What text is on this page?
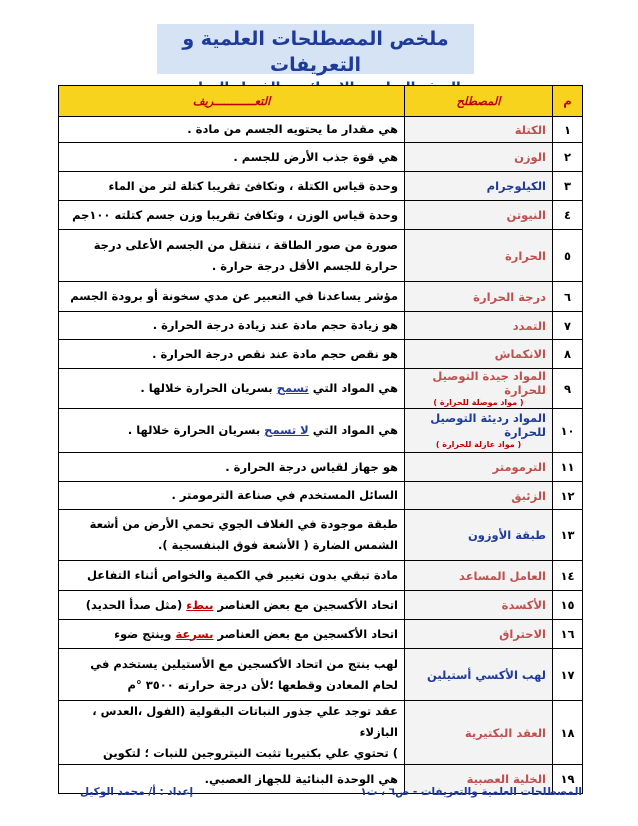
ملخص المصطلحات العلمية و التعريفات
م	المصطلح	التعــــــــــــريف
١	الكتلة	هي مقدار ما يحتويه الجسم من مادة .
٢	الوزن	هي قوة جذب الأرض للجسم .
٣	الكيلوجرام	وحدة قياس الكتلة ، وتكافئ تقريبا كتلة لتر من الماء
٤	النيوتن	وحدة قياس الوزن ، وتكافئ تقريبا وزن جسم كتلته ١٠٠جم
٥	الحرارة	صورة من صور الطاقة ، تنتقل من الجسم الأعلى درجة
حرارة للجسم الأقل درجة حرارة .

٦	درجة الحرارة	مؤشر يساعدنا في التعبير عن مدي سخونة أو برودة الجسم
٧	التمدد	هو زيادة حجم مادة عند زيادة درجة الحرارة .
٨	الانكماش	هو نقص حجم مادة عند نقص درجة الحرارة .
٩	المواد جيدة التوصيل للحرارة
( مواد موصلة للحرارة )	هي المواد التي تسمح بسريان الحرارة خلالها .
١٠	المواد رديئة التوصيل للحرارة
( مواد عازلة للحرارة )	هي المواد التي لا تسمح بسريان الحرارة خلالها .
١١	الترمومتر	هو جهاز لقياس درجة الحرارة .
١٢	الزئبق	السائل المستخدم في صناعة الترمومتر .
١٣	طبقة الأوزون	طبقة موجودة في الغلاف الجوي تحمي الأرض من أشعة
الشمس الضارة ( الأشعة فوق البنفسجية ).

١٤	العامل المساعد	مادة تبقي بدون تغيير في الكمية والخواص أثناء التفاعل
١٥	الأكسدة	اتحاد الأكسجين مع بعض العناصر ببطء (مثل صدأ الحديد)
١٦	الاحتراق	اتحاد الأكسجين مع بعض العناصر بسرعة وينتج ضوء
١٧	لهب الأكسي أستيلين	لهب ينتج من اتحاد الأكسجين مع الأستيلين يستخدم في
لحام المعادن وقطعها ؛لأن درجة حرارته ٣٥٠٠ °م

١٨	العقد البكتيرية	عقد توجد علي جذور النباتات البقولية (الفول ،العدس ، البازلاء
) تحتوي علي بكتيريا تثبت النيتروجين للنبات ؛ لتكوين

١٩	الخلية العصبية	هي الوحدة البنائية للجهاز العصبي.
المصطلحات العلمية والتعريفات - ص٦ ، ت١
إعداد : أ/ محمد الوكيل
